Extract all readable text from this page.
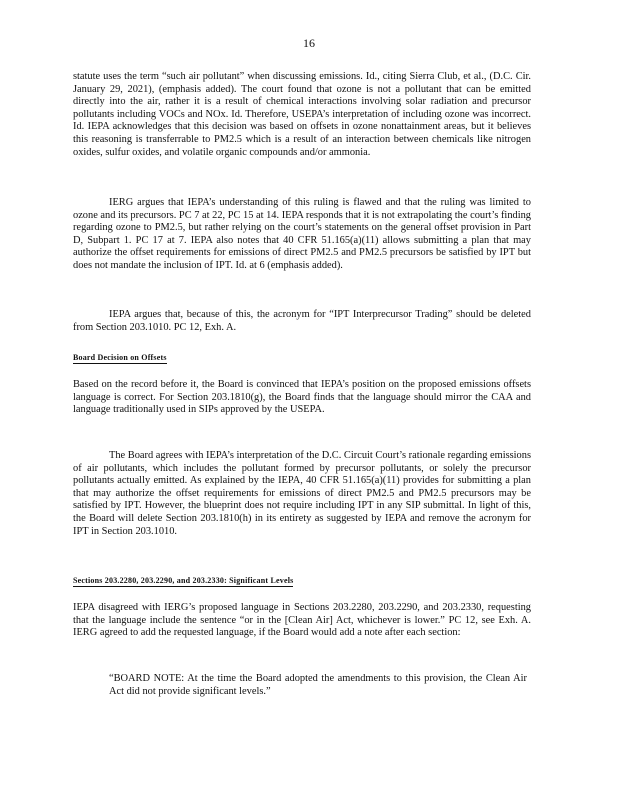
16

statute uses the term “such air pollutant” when discussing emissions. Id., citing Sierra Club, et al., (D.C. Cir. January 29, 2021), (emphasis added). The court found that ozone is not a pollutant that can be emitted directly into the air, rather it is a result of chemical interactions involving solar radiation and precursor pollutants including VOCs and NOx. Id. Therefore, USEPA’s interpretation of including ozone was incorrect. Id. IEPA acknowledges that this decision was based on offsets in ozone nonattainment areas, but it believes this reasoning is transferrable to PM2.5 which is a result of an interaction between chemicals like nitrogen oxides, sulfur oxides, and volatile organic compounds and/or ammonia.

IERG argues that IEPA’s understanding of this ruling is flawed and that the ruling was limited to ozone and its precursors. PC 7 at 22, PC 15 at 14. IEPA responds that it is not extrapolating the court’s finding regarding ozone to PM2.5, but rather relying on the court’s statements on the general offset provision in Part D, Subpart 1. PC 17 at 7. IEPA also notes that 40 CFR 51.165(a)(11) allows submitting a plan that may authorize the offset requirements for emissions of direct PM2.5 and PM2.5 precursors be satisfied by IPT but does not mandate the inclusion of IPT. Id. at 6 (emphasis added).

IEPA argues that, because of this, the acronym for “IPT Interprecursor Trading” should be deleted from Section 203.1010. PC 12, Exh. A.

Board Decision on Offsets

Based on the record before it, the Board is convinced that IEPA’s position on the proposed emissions offsets language is correct. For Section 203.1810(g), the Board finds that the language should mirror the CAA and language traditionally used in SIPs approved by the USEPA.

The Board agrees with IEPA’s interpretation of the D.C. Circuit Court’s rationale regarding emissions of air pollutants, which includes the pollutant formed by precursor pollutants, or solely the precursor pollutants actually emitted. As explained by the IEPA, 40 CFR 51.165(a)(11) provides for submitting a plan that may authorize the offset requirements for emissions of direct PM2.5 and PM2.5 precursors may be satisfied by IPT. However, the blueprint does not require including IPT in any SIP submittal. In light of this, the Board will delete Section 203.1810(h) in its entirety as suggested by IEPA and remove the acronym for IPT in Section 203.1010.

Sections 203.2280, 203.2290, and 203.2330: Significant Levels

IEPA disagreed with IERG’s proposed language in Sections 203.2280, 203.2290, and 203.2330, requesting that the language include the sentence “or in the [Clean Air] Act, whichever is lower.” PC 12, see Exh. A. IERG agreed to add the requested language, if the Board would add a note after each section:

“BOARD NOTE: At the time the Board adopted the amendments to this provision, the Clean Air Act did not provide significant levels.”
